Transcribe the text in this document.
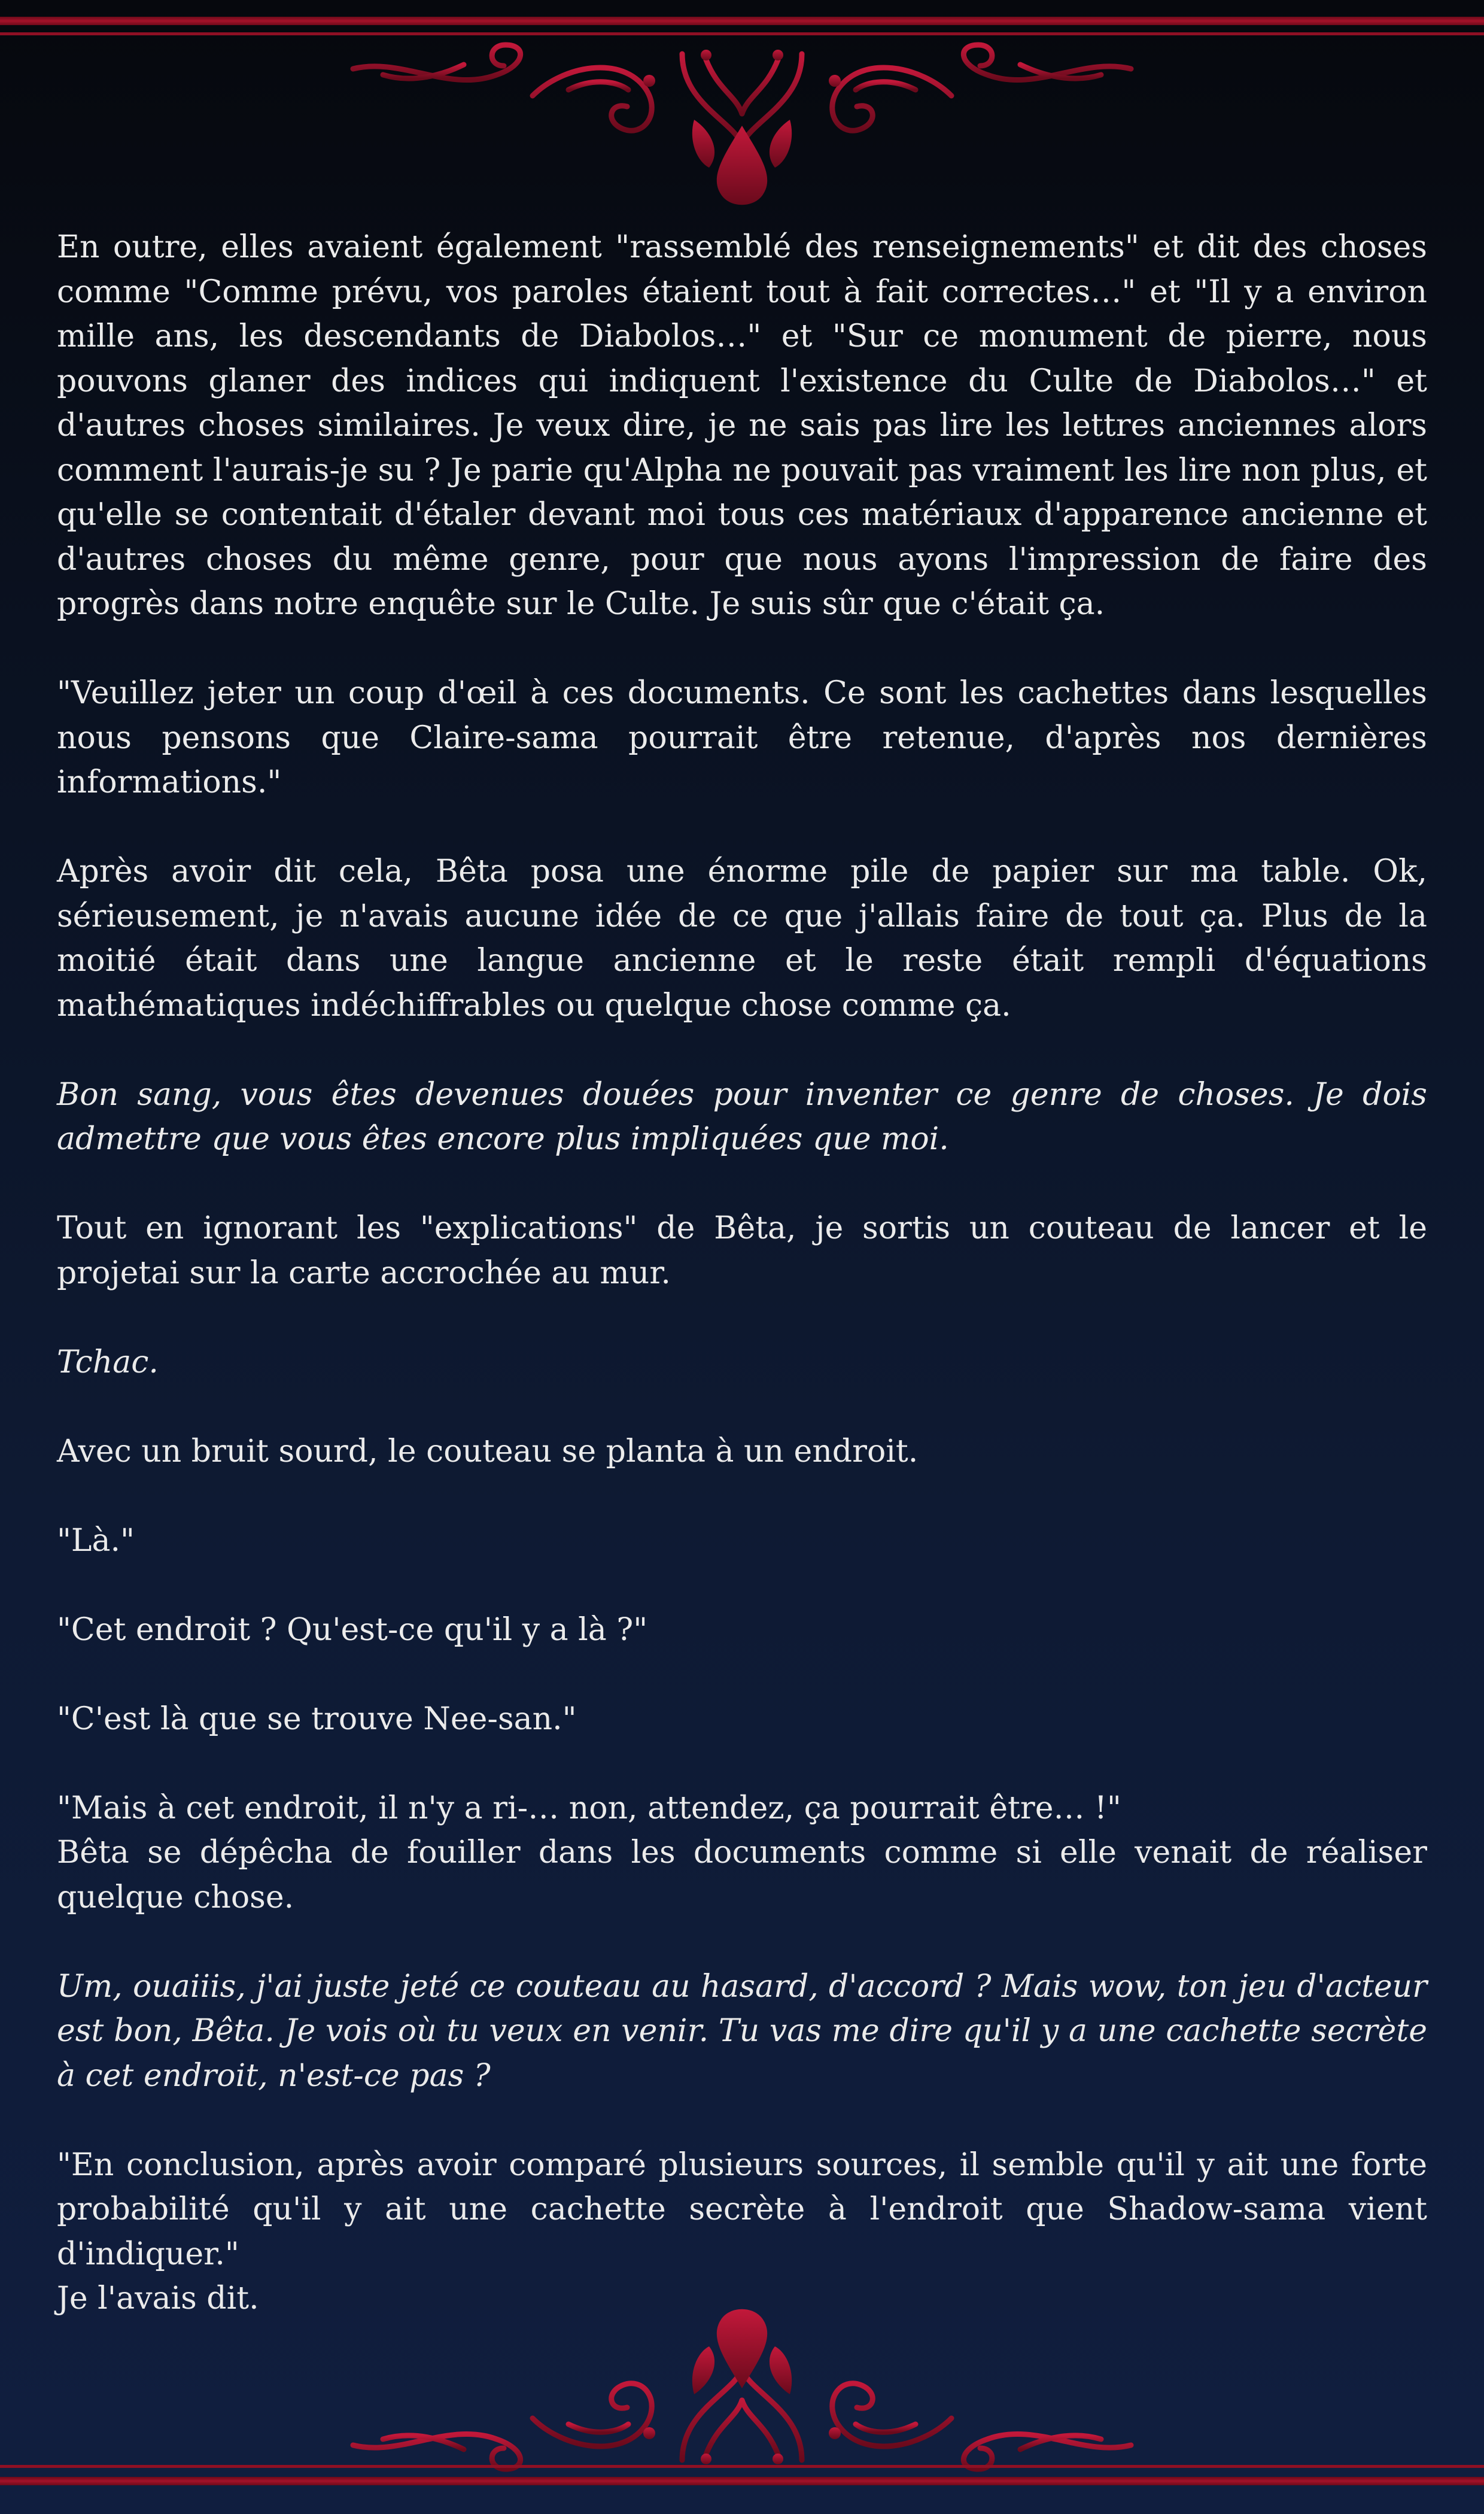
En outre, elles avaient également "rassemblé des renseignements" et dit des choses comme "Comme prévu, vos paroles étaient tout à fait correctes…" et "Il y a environ mille ans, les descendants de Diabolos…" et "Sur ce monument de pierre, nous pouvons glaner des indices qui indiquent l'existence du Culte de Diabolos…" et d'autres choses similaires. Je veux dire, je ne sais pas lire les lettres anciennes alors comment l'aurais-je su ? Je parie qu'Alpha ne pouvait pas vraiment les lire non plus, et qu'elle se contentait d'étaler devant moi tous ces matériaux d'apparence ancienne et d'autres choses du même genre, pour que nous ayons l'impression de faire des progrès dans notre enquête sur le Culte. Je suis sûr que c'était ça.

"Veuillez jeter un coup d'œil à ces documents. Ce sont les cachettes dans lesquelles nous pensons que Claire-sama pourrait être retenue, d'après nos dernières informations."

Après avoir dit cela, Bêta posa une énorme pile de papier sur ma table. Ok, sérieusement, je n'avais aucune idée de ce que j'allais faire de tout ça. Plus de la moitié était dans une langue ancienne et le reste était rempli d'équations mathématiques indéchiffrables ou quelque chose comme ça.

Bon sang, vous êtes devenues douées pour inventer ce genre de choses. Je dois admettre que vous êtes encore plus impliquées que moi.

Tout en ignorant les "explications" de Bêta, je sortis un couteau de lancer et le projetai sur la carte accrochée au mur.

Tchac.

Avec un bruit sourd, le couteau se planta à un endroit.

"Là."

"Cet endroit ? Qu'est-ce qu'il y a là ?"

"C'est là que se trouve Nee-san."

"Mais à cet endroit, il n'y a ri-… non, attendez, ça pourrait être… !"
Bêta se dépêcha de fouiller dans les documents comme si elle venait de réaliser quelque chose.

Um, ouaiiis, j'ai juste jeté ce couteau au hasard, d'accord ? Mais wow, ton jeu d'acteur est bon, Bêta. Je vois où tu veux en venir. Tu vas me dire qu'il y a une cachette secrète à cet endroit, n'est-ce pas ?

"En conclusion, après avoir comparé plusieurs sources, il semble qu'il y ait une forte probabilité qu'il y ait une cachette secrète à l'endroit que Shadow-sama vient d'indiquer."
Je l'avais dit.
